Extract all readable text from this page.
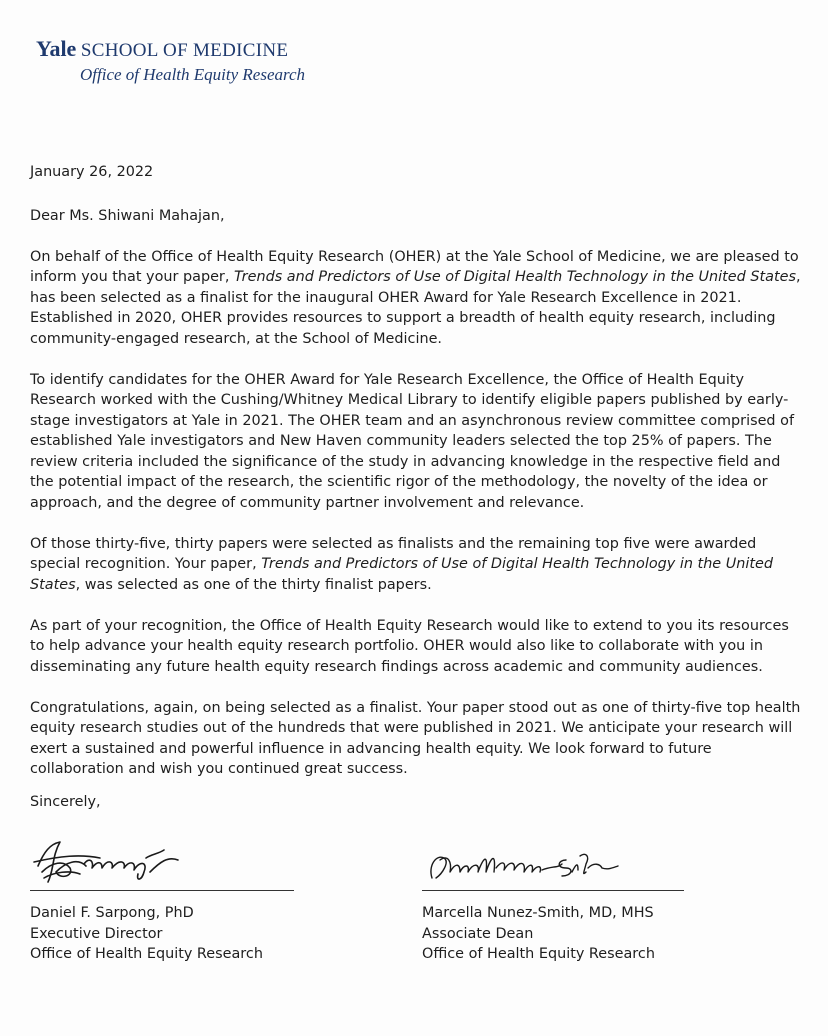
Yale SCHOOL OF MEDICINE
Office of Health Equity Research

January 26, 2022

Dear Ms. Shiwani Mahajan,

On behalf of the Office of Health Equity Research (OHER) at the Yale School of Medicine, we are pleased to inform you that your paper, Trends and Predictors of Use of Digital Health Technology in the United States, has been selected as a finalist for the inaugural OHER Award for Yale Research Excellence in 2021. Established in 2020, OHER provides resources to support a breadth of health equity research, including community-engaged research, at the School of Medicine.

To identify candidates for the OHER Award for Yale Research Excellence, the Office of Health Equity Research worked with the Cushing/Whitney Medical Library to identify eligible papers published by early-stage investigators at Yale in 2021. The OHER team and an asynchronous review committee comprised of established Yale investigators and New Haven community leaders selected the top 25% of papers. The review criteria included the significance of the study in advancing knowledge in the respective field and the potential impact of the research, the scientific rigor of the methodology, the novelty of the idea or approach, and the degree of community partner involvement and relevance.

Of those thirty-five, thirty papers were selected as finalists and the remaining top five were awarded special recognition. Your paper, Trends and Predictors of Use of Digital Health Technology in the United States, was selected as one of the thirty finalist papers.

As part of your recognition, the Office of Health Equity Research would like to extend to you its resources to help advance your health equity research portfolio. OHER would also like to collaborate with you in disseminating any future health equity research findings across academic and community audiences.

Congratulations, again, on being selected as a finalist. Your paper stood out as one of thirty-five top health equity research studies out of the hundreds that were published in 2021. We anticipate your research will exert a sustained and powerful influence in advancing health equity. We look forward to future collaboration and wish you continued great success.

Sincerely,
Daniel F. Sarpong, PhD
Executive Director
Office of Health Equity Research
Marcella Nunez-Smith, MD, MHS
Associate Dean
Office of Health Equity Research
